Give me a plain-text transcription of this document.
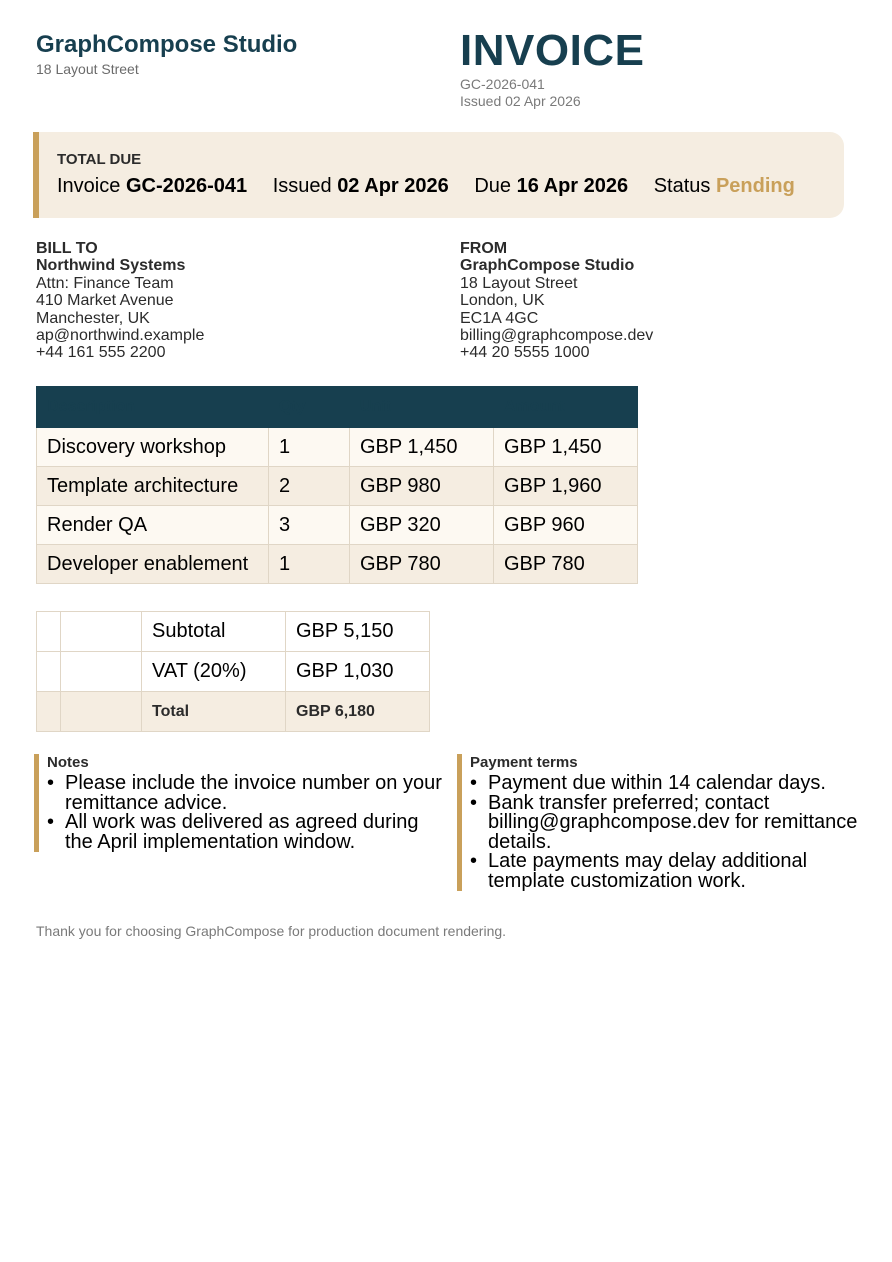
GraphCompose Studio
18 Layout Street	INVOICE
GC-2026-041
Issued 02 Apr 2026
TOTAL DUE
Invoice GC-2026-041 Issued 02 Apr 2026 Due 16 Apr 2026 Status Pending
BILL TO
Northwind Systems
Attn: Finance Team
410 Market Avenue
Manchester, UK
ap@northwind.example
+44 161 555 2200
FROM
GraphCompose Studio
18 Layout Street
London, UK
EC1A 4GC
billing@graphcompose.dev
+44 20 5555 1000
Description	Qty	Unit	Amount
Discovery workshop	1	GBP 1,450	GBP 1,450
Template architecture	2	GBP 980	GBP 1,960
Render QA	3	GBP 320	GBP 960
Developer enablement	1	GBP 780	GBP 780
		Subtotal	GBP 5,150
		VAT (20%)	GBP 1,030
		Total	GBP 6,180
Notes
• Please include the invoice number on your remittance advice.
• All work was delivered as agreed during the April implementation window.
Payment terms
• Payment due within 14 calendar days.
• Bank transfer preferred; contact billing@graphcompose.dev for remittance details.
• Late payments may delay additional template customization work.
Thank you for choosing GraphCompose for production document rendering.
